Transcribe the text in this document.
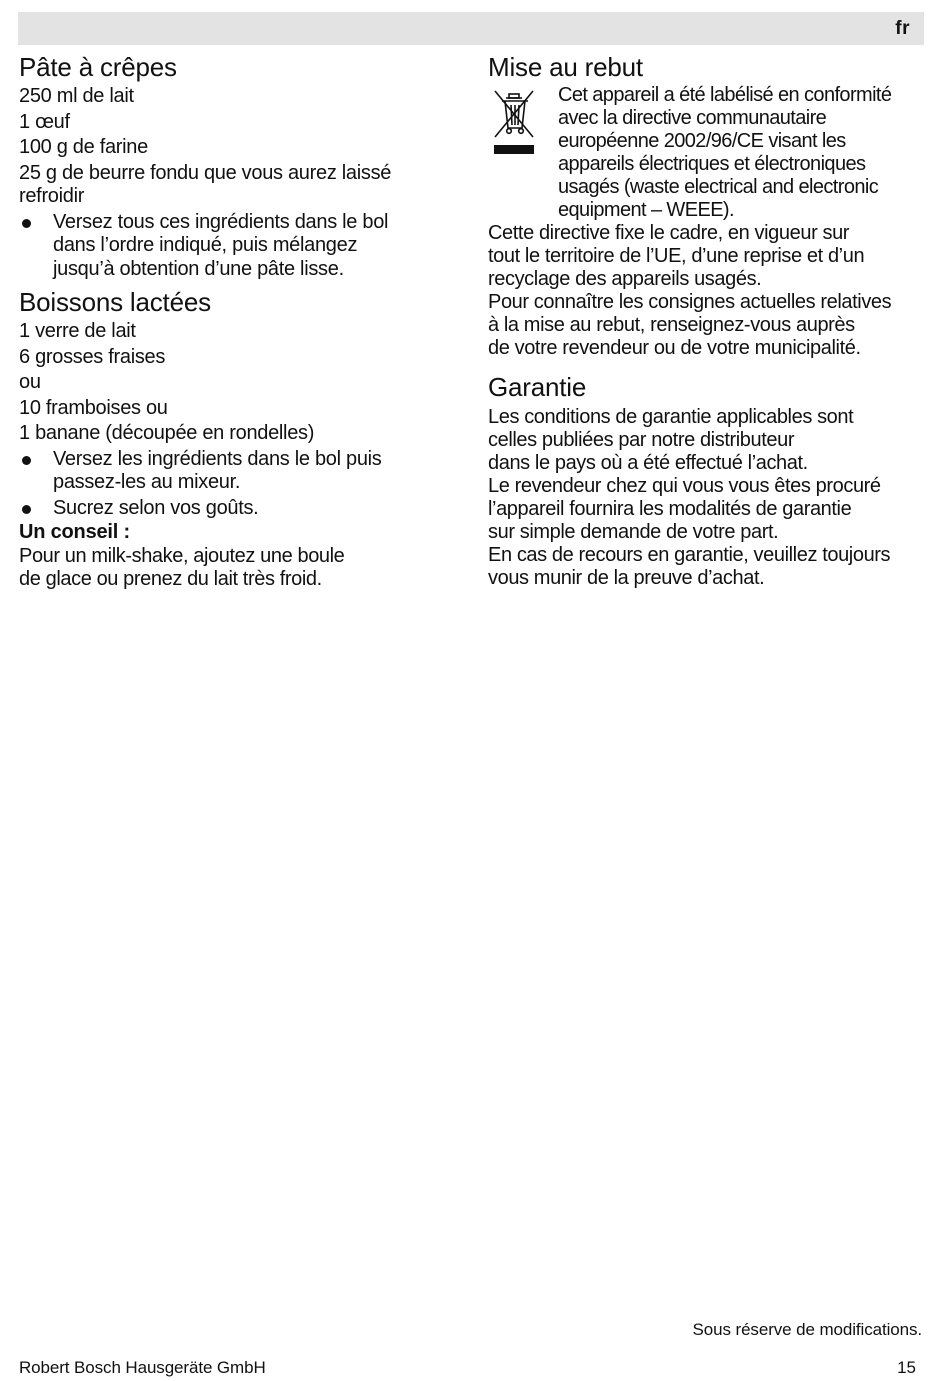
fr
Pâte à crêpes
250 ml de lait
1 œuf
100 g de farine
25 g de beurre fondu que vous aurez laissé
refroidir
Versez tous ces ingrédients dans le bol
dans l’ordre indiqué, puis mélangez
jusqu’à obtention d’une pâte lisse.
Boissons lactées
1 verre de lait
6 grosses fraises
ou
10 framboises ou
1 banane (découpée en rondelles)
Versez les ingrédients dans le bol puis
passez-les au mixeur.
Sucrez selon vos goûts.
Un conseil :
Pour un milk-shake, ajoutez une boule
de glace ou prenez du lait très froid.
Mise au rebut
Cet appareil a été labélisé en conformité
avec la directive communautaire
européenne 2002/96/CE visant les
appareils électriques et électroniques
usagés (waste electrical and electronic
equipment – WEEE).
Cette directive fixe le cadre, en vigueur sur
tout le territoire de l’UE, d’une reprise et d’un
recyclage des appareils usagés.
Pour connaître les consignes actuelles relatives
à la mise au rebut, renseignez-vous auprès
de votre revendeur ou de votre municipalité.
Garantie
Les conditions de garantie applicables sont
celles publiées par notre distributeur
dans le pays où a été effectué l’achat.
Le revendeur chez qui vous vous êtes procuré
l’appareil fournira les modalités de garantie
sur simple demande de votre part.
En cas de recours en garantie, veuillez toujours
vous munir de la preuve d’achat.
Sous réserve de modifications.
Robert Bosch Hausgeräte GmbH	15
